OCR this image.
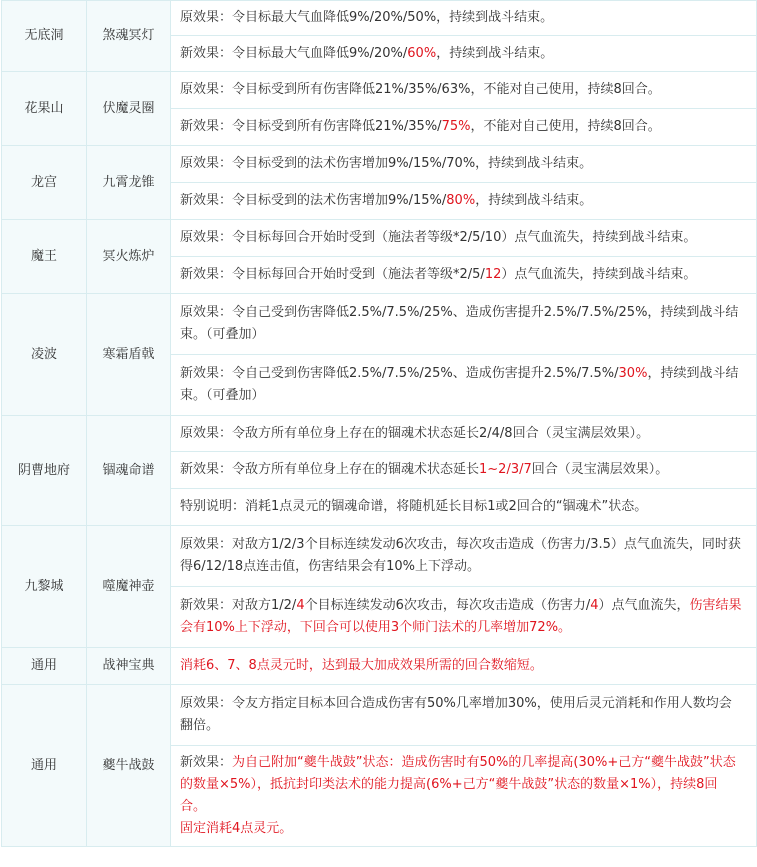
无底洞	煞魂冥灯	原效果：令目标最大气血降低9%/20%/50%，持续到战斗结束。
		新效果：令目标最大气血降低9%/20%/60%，持续到战斗结束。
花果山	伏魔灵圈	原效果：令目标受到所有伤害降低21%/35%/63%，不能对自己使用，持续8回合。
		新效果：令目标受到所有伤害降低21%/35%/75%，不能对自己使用，持续8回合。
龙宫	九霄龙锥	原效果：令目标受到的法术伤害增加9%/15%/70%，持续到战斗结束。
		新效果：令目标受到的法术伤害增加9%/15%/80%，持续到战斗结束。
魔王	冥火炼炉	原效果：令目标每回合开始时受到（施法者等级*2/5/10）点气血流失，持续到战斗结束。
		新效果：令目标每回合开始时受到（施法者等级*2/5/12）点气血流失，持续到战斗结束。
凌波	寒霜盾戟	原效果：令自己受到伤害降低2.5%/7.5%/25%、造成伤害提升2.5%/7.5%/25%，持续到战斗结束。（可叠加）
		新效果：令自己受到伤害降低2.5%/7.5%/25%、造成伤害提升2.5%/7.5%/30%，持续到战斗结束。（可叠加）
阴曹地府	锢魂命谱	原效果：令敌方所有单位身上存在的锢魂术状态延长2/4/8回合（灵宝满层效果）。
		新效果：令敌方所有单位身上存在的锢魂术状态延长1~2/3/7回合（灵宝满层效果）。
		特别说明：消耗1点灵元的锢魂命谱，将随机延长目标1或2回合的“锢魂术”状态。
九黎城	噬魔神壶	原效果：对敌方1/2/3个目标连续发动6次攻击，每次攻击造成（伤害力/3.5）点气血流失，同时获得6/12/18点连击值，伤害结果会有10%上下浮动。
		新效果：对敌方1/2/4个目标连续发动6次攻击，每次攻击造成（伤害力/4）点气血流失，伤害结果会有10%上下浮动，下回合可以使用3个师门法术的几率增加72%。
通用	战神宝典	消耗6、7、8点灵元时，达到最大加成效果所需的回合数缩短。
通用	夔牛战鼓	原效果：令友方指定目标本回合造成伤害有50%几率增加30%，使用后灵元消耗和作用人数均会翻倍。
		新效果：为自己附加“夔牛战鼓”状态：造成伤害时有50%的几率提高(30%+己方“夔牛战鼓”状态的数量×5%），抵抗封印类法术的能力提高(6%+己方“夔牛战鼓”状态的数量×1%），持续8回合。
固定消耗4点灵元。
